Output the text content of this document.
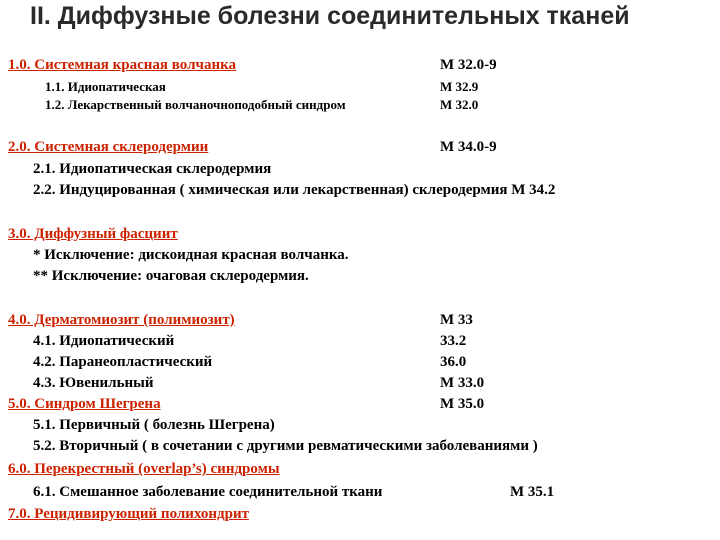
II. Диффузные болезни соединительных тканей
1.0. Системная красная волчанка	М 32.0-9
1.1. Идиопатическая	М 32.9
1.2. Лекарственный волчаночноподобный синдром	М 32.0
2.0. Системная склеродермии	М 34.0-9
2.1. Идиопатическая склеродермия
2.2. Индуцированная ( химическая или лекарственная) склеродермия М 34.2
3.0. Диффузный фасциит
* Исключение: дискоидная красная волчанка.
** Исключение: очаговая склеродермия.
4.0. Дерматомиозит (полимиозит)	М 33
4.1. Идиопатический	33.2
4.2. Паранеопластический	36.0
4.3. Ювенильный	М 33.0
5.0. Синдром Шегрена	М 35.0
5.1. Первичный ( болезнь Шегрена)
5.2. Вторичный ( в сочетании с другими ревматическими заболеваниями )
6.0. Перекрестный (overlap’s) синдромы
6.1. Смешанное заболевание соединительной ткани	М 35.1
7.0. Рецидивирующий полихондрит
